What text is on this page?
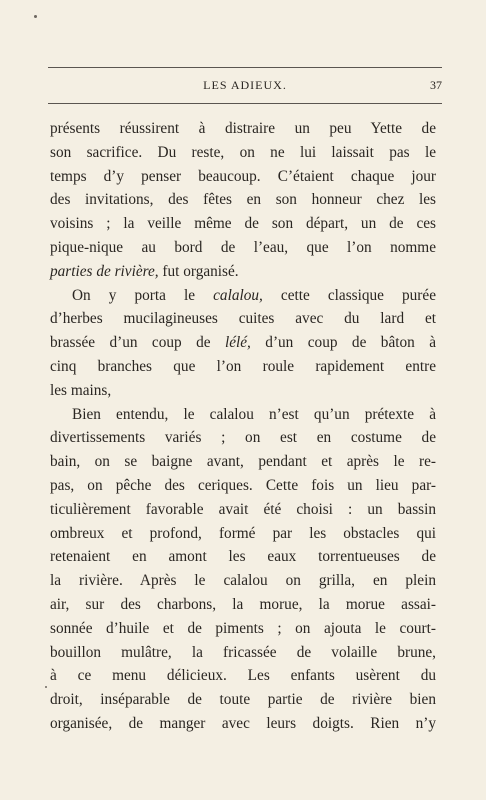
LES ADIEUX.	37
présents réussirent à distraire un peu Yette de
son sacrifice. Du reste, on ne lui laissait pas le
temps d’y penser beaucoup. C’étaient chaque jour
des invitations, des fêtes en son honneur chez les
voisins ; la veille même de son départ, un de ces
pique-nique au bord de l’eau, que l’on nomme
parties de rivière, fut organisé.
On y porta le calalou, cette classique purée
d’herbes mucilagineuses cuites avec du lard et
brassée d’un coup de lélé, d’un coup de bâton à
cinq branches que l’on roule rapidement entre
les mains,
Bien entendu, le calalou n’est qu’un prétexte à
divertissements variés ; on est en costume de
bain, on se baigne avant, pendant et après le re-
pas, on pêche des ceriques. Cette fois un lieu par-
ticulièrement favorable avait été choisi : un bassin
ombreux et profond, formé par les obstacles qui
retenaient en amont les eaux torrentueuses de
la rivière. Après le calalou on grilla, en plein
air, sur des charbons, la morue, la morue assai-
sonnée d’huile et de piments ; on ajouta le court-
bouillon mulâtre, la fricassée de volaille brune,
à ce menu délicieux. Les enfants usèrent du
droit, inséparable de toute partie de rivière bien
organisée, de manger avec leurs doigts. Rien n’y
